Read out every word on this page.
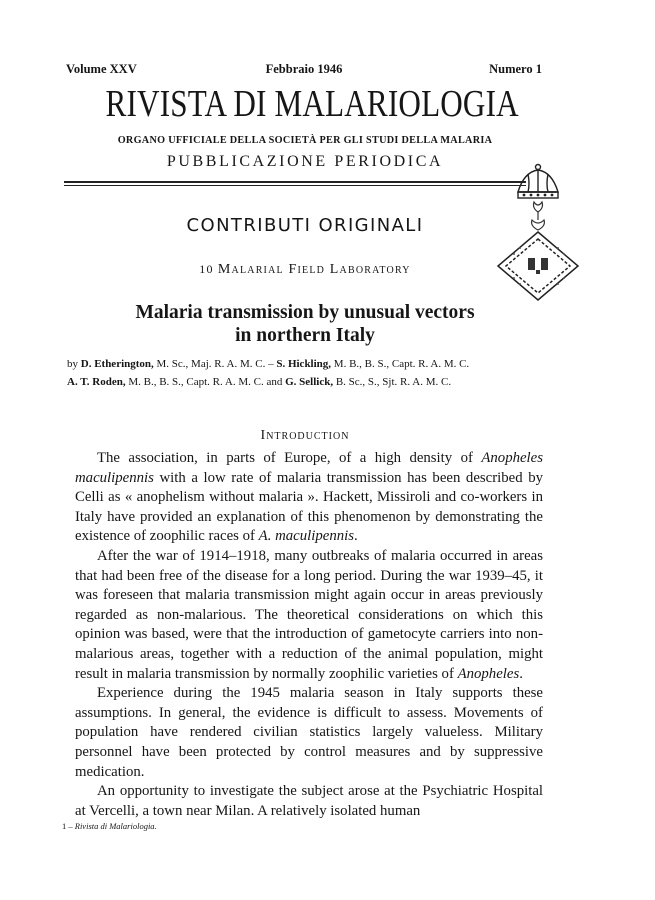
Volume XXV	Febbraio 1946	Numero 1
RIVISTA DI MALARIOLOGIA
ORGANO UFFICIALE DELLA SOCIETÀ PER GLI STUDI DELLA MALARIA
PUBBLICAZIONE PERIODICA
CONTRIBUTI ORIGINALI
10 Malarial Field Laboratory
Malaria transmission by unusual vectors
in northern Italy
by D. Etherington, M. Sc., Maj. R. A. M. C. – S. Hickling, M. B., B. S., Capt. R. A. M. C.
A. T. Roden, M. B., B. S., Capt. R. A. M. C. and G. Sellick, B. Sc., S., Sjt. R. A. M. C.
Introduction

The association, in parts of Europe, of a high density of Anopheles maculipennis with a low rate of malaria transmission has been described by Celli as « anophelism without malaria ». Hackett, Missiroli and co-workers in Italy have provided an explanation of this phenomenon by demonstrating the existence of zoophilic races of A. maculipennis.

After the war of 1914–1918, many outbreaks of malaria occurred in areas that had been free of the disease for a long period. During the war 1939–45, it was foreseen that malaria transmission might again occur in areas previously regarded as non-malarious. The theoretical considerations on which this opinion was based, were that the introduction of gametocyte carriers into non-malarious areas, together with a reduction of the animal population, might result in malaria transmission by normally zoophilic varieties of Anopheles.

Experience during the 1945 malaria season in Italy supports these assumptions. In general, the evidence is difficult to assess. Movements of population have rendered civilian statistics largely valueless. Military personnel have been protected by control measures and by suppressive medication.

An opportunity to investigate the subject arose at the Psychiatric Hospital at Vercelli, a town near Milan. A relatively isolated human

1 – Rivista di Malariologia.
